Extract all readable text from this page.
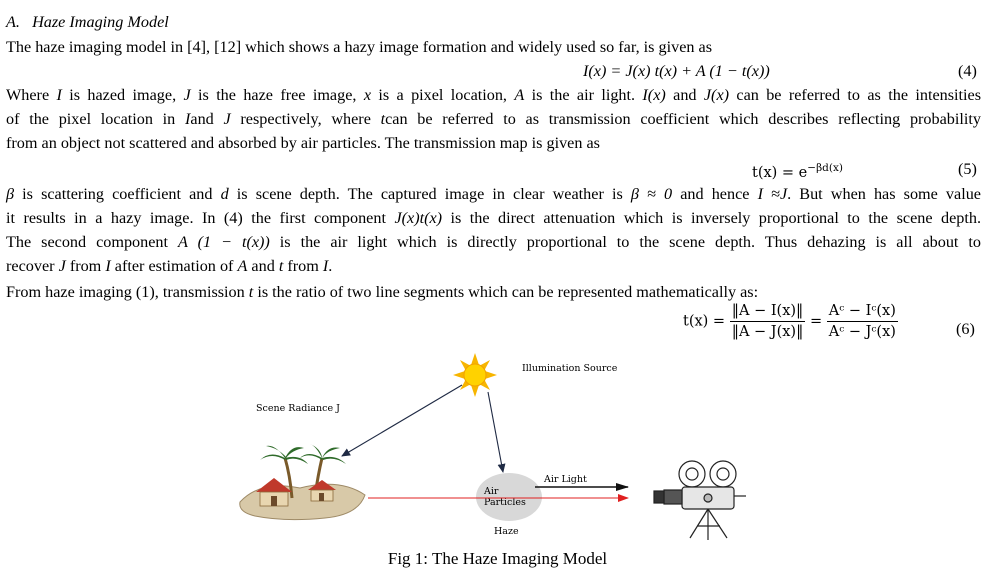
A. Haze Imaging Model
The haze imaging model in [4], [12] which shows a hazy image formation and widely used so far, is given as
I(x) = J(x) t(x) + A (1 − t(x))	(4)
Where I is hazed image, J is the haze free image, x is a pixel location, A is the air light. I(x) and J(x) can be referred to as the intensities
of the pixel location in Iand J respectively, where tcan be referred to as transmission coefficient which describes reflecting probability
from an object not scattered and absorbed by air particles. The transmission map is given as
$t(x) = e^{-\beta d(x)}$	(5)
β is scattering coefficient and d is scene depth. The captured image in clear weather is β ≈ 0 and hence I ≈J. But when has some value
it results in a hazy image. In (4) the first component J(x)t(x) is the direct attenuation which is inversely proportional to the scene depth.
The second component A (1 − t(x)) is the air light which is directly proportional to the scene depth. Thus dehazing is all about to
recover J from I after estimation of A and t from I.
From haze imaging (1), transmission t is the ratio of two line segments which can be represented mathematically as:
$t(x) = \frac{‖A - I(x)‖}{‖A - J(x)‖} = \frac{\text{Aᶜ − Iᶜ(x)}}{\text{Aᶜ − Jᶜ(x)}}$	(6)
Illumination Source
Scene Radiance J
Air
Particles
Haze
Air Light
Fig 1: The Haze Imaging Model
